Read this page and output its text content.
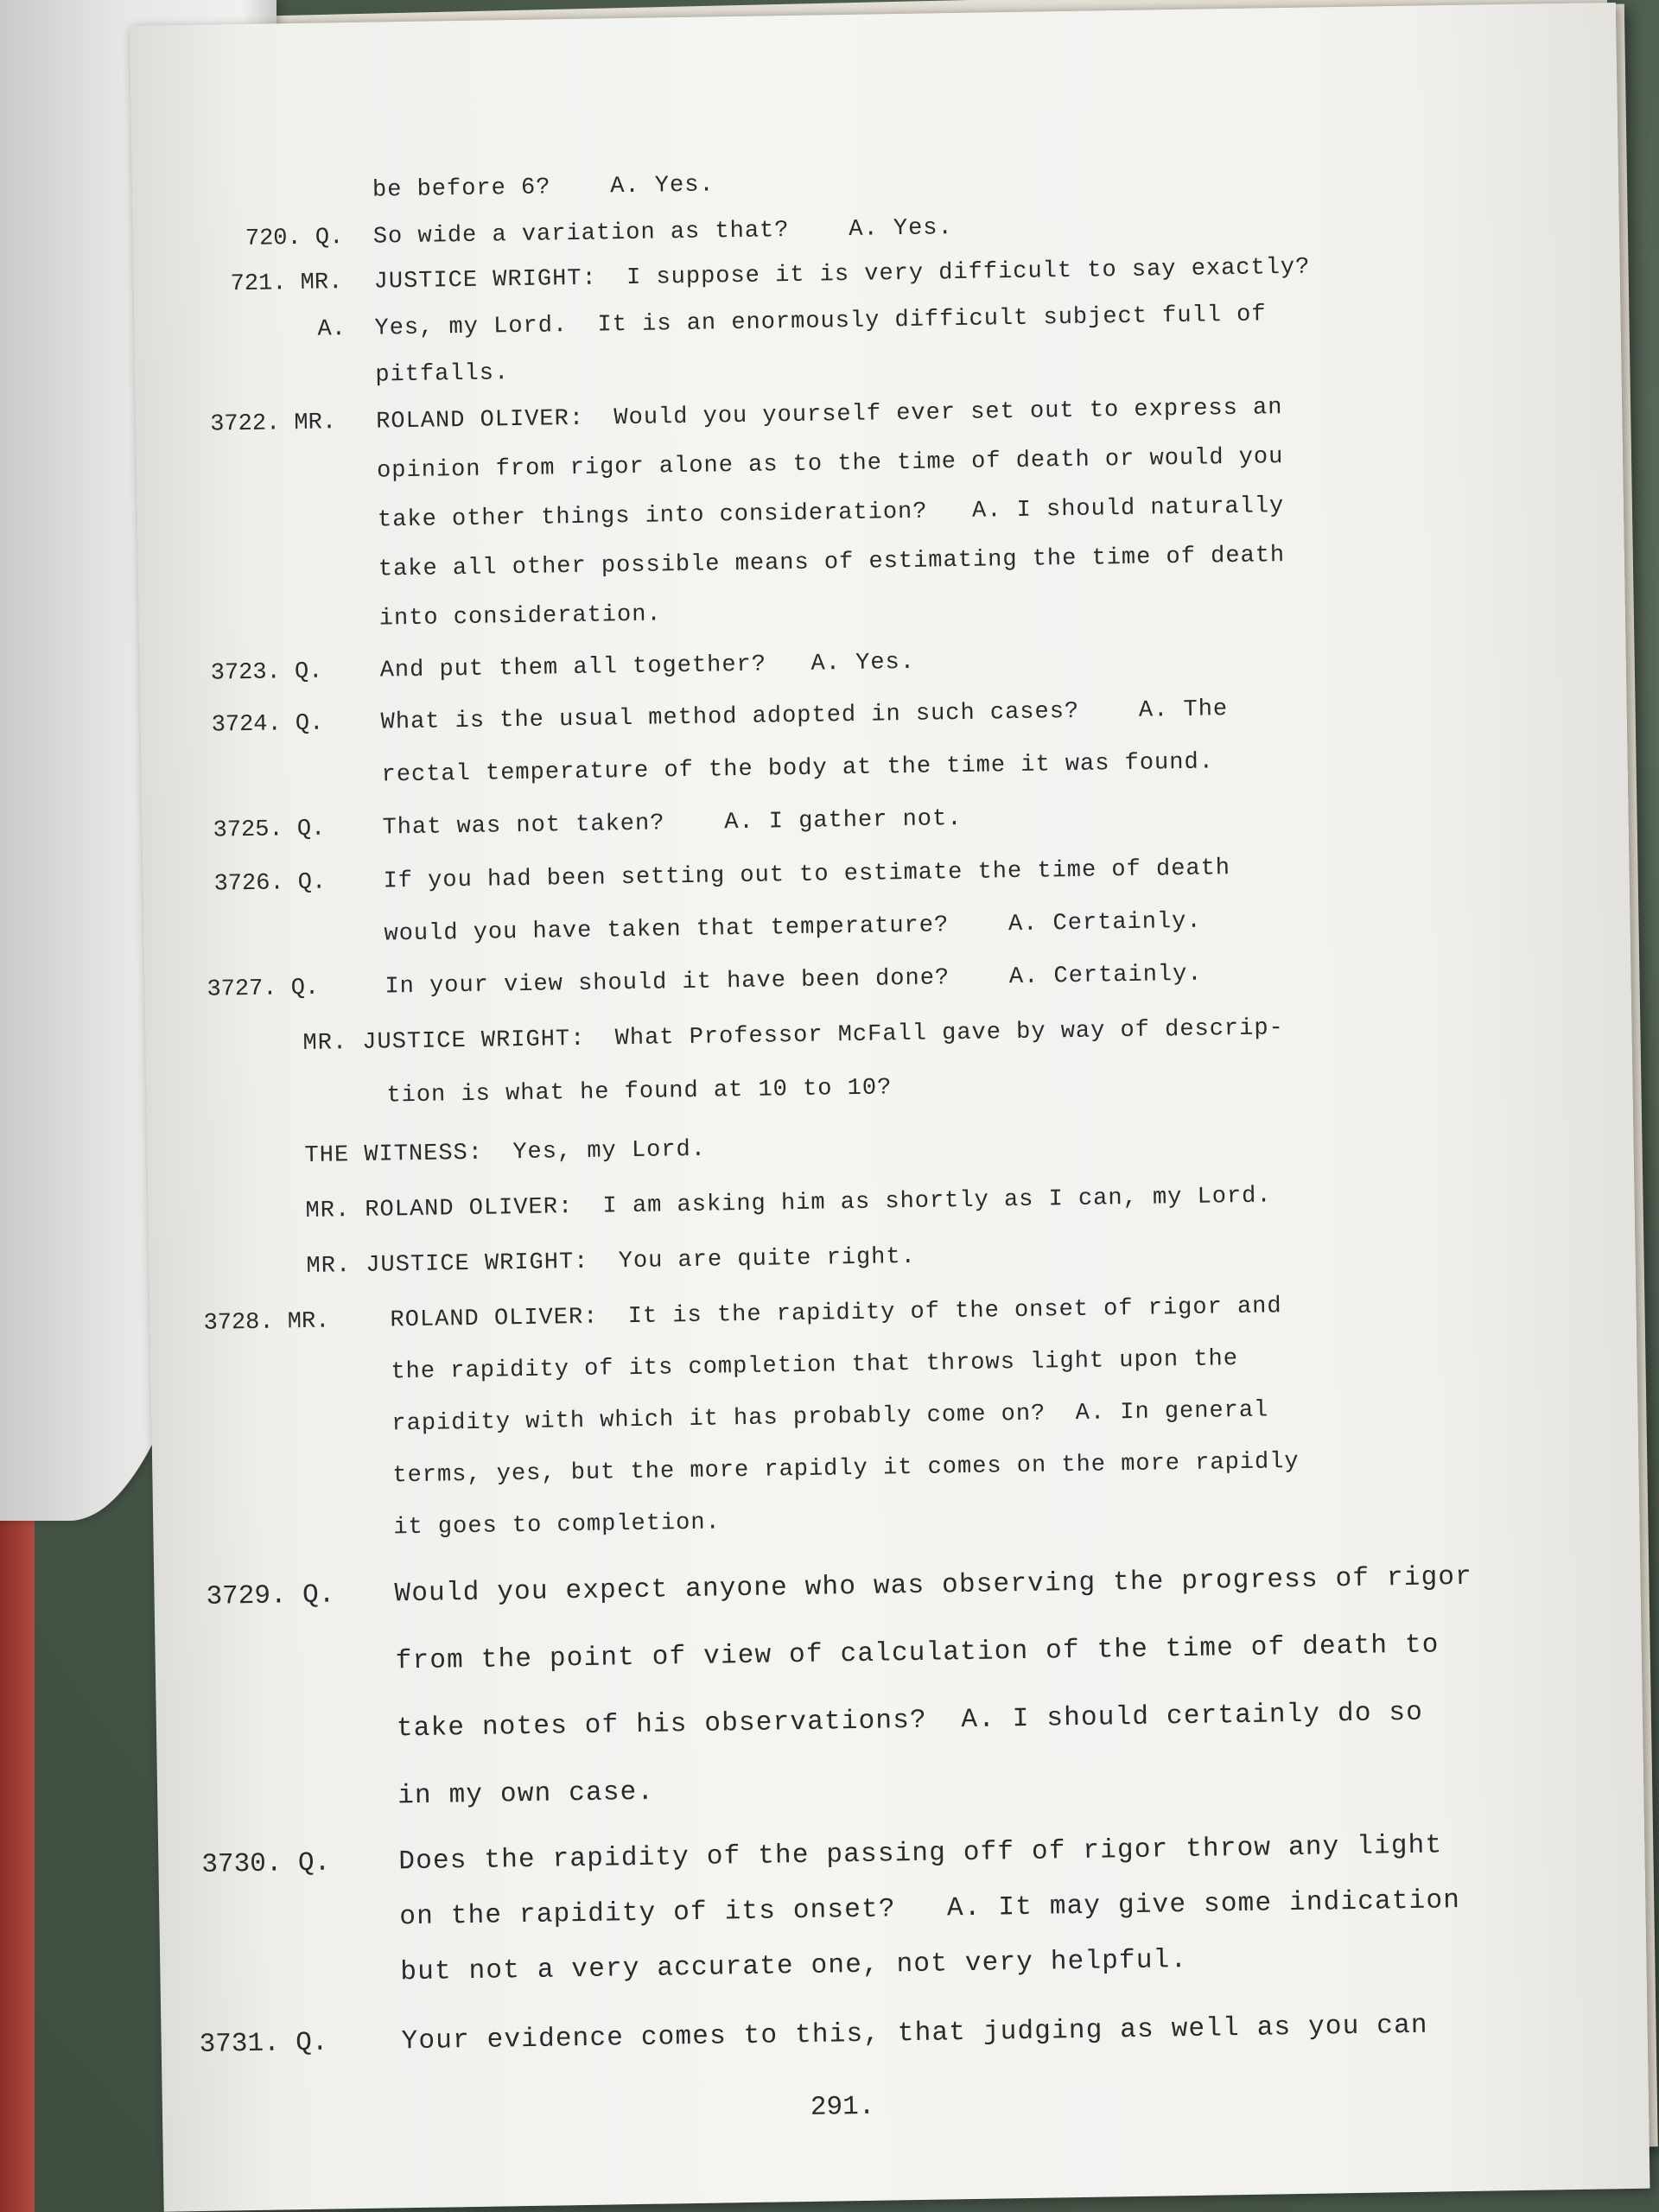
be before 6?    A. Yes.
720. Q. So wide a variation as that?    A. Yes.
721. MR. JUSTICE WRIGHT:  I suppose it is very difficult to say exactly?
A. Yes, my Lord.  It is an enormously difficult subject full of
pitfalls.
3722. MR. ROLAND OLIVER:  Would you yourself ever set out to express an
opinion from rigor alone as to the time of death or would you
take other things into consideration?   A. I should naturally
take all other possible means of estimating the time of death
into consideration.
3723. Q. And put them all together?   A. Yes.
3724. Q. What is the usual method adopted in such cases?    A. The
rectal temperature of the body at the time it was found.
3725. Q. That was not taken?    A. I gather not.
3726. Q. If you had been setting out to estimate the time of death
would you have taken that temperature?    A. Certainly.
3727. Q.	In your view should it have been done?    A. Certainly.
MR. JUSTICE WRIGHT:  What Professor McFall gave by way of descrip-
tion is what he found at 10 to 10?
THE WITNESS:  Yes, my Lord.
MR. ROLAND OLIVER:  I am asking him as shortly as I can, my Lord.
MR. JUSTICE WRIGHT:  You are quite right.
3728. MR.	ROLAND OLIVER:  It is the rapidity of the onset of rigor and
the rapidity of its completion that throws light upon the
rapidity with which it has probably come on?  A. In general
terms, yes, but the more rapidly it comes on the more rapidly
it goes to completion.
3729. Q. Would you expect anyone who was observing the progress of rigor
from the point of view of calculation of the time of death to
take notes of his observations?  A. I should certainly do so
in my own case.
3730. Q.	Does the rapidity of the passing off of rigor throw any light
on the rapidity of its onset?   A. It may give some indication
but not a very accurate one, not very helpful.
3731. Q.	Your evidence comes to this, that judging as well as you can
291.
